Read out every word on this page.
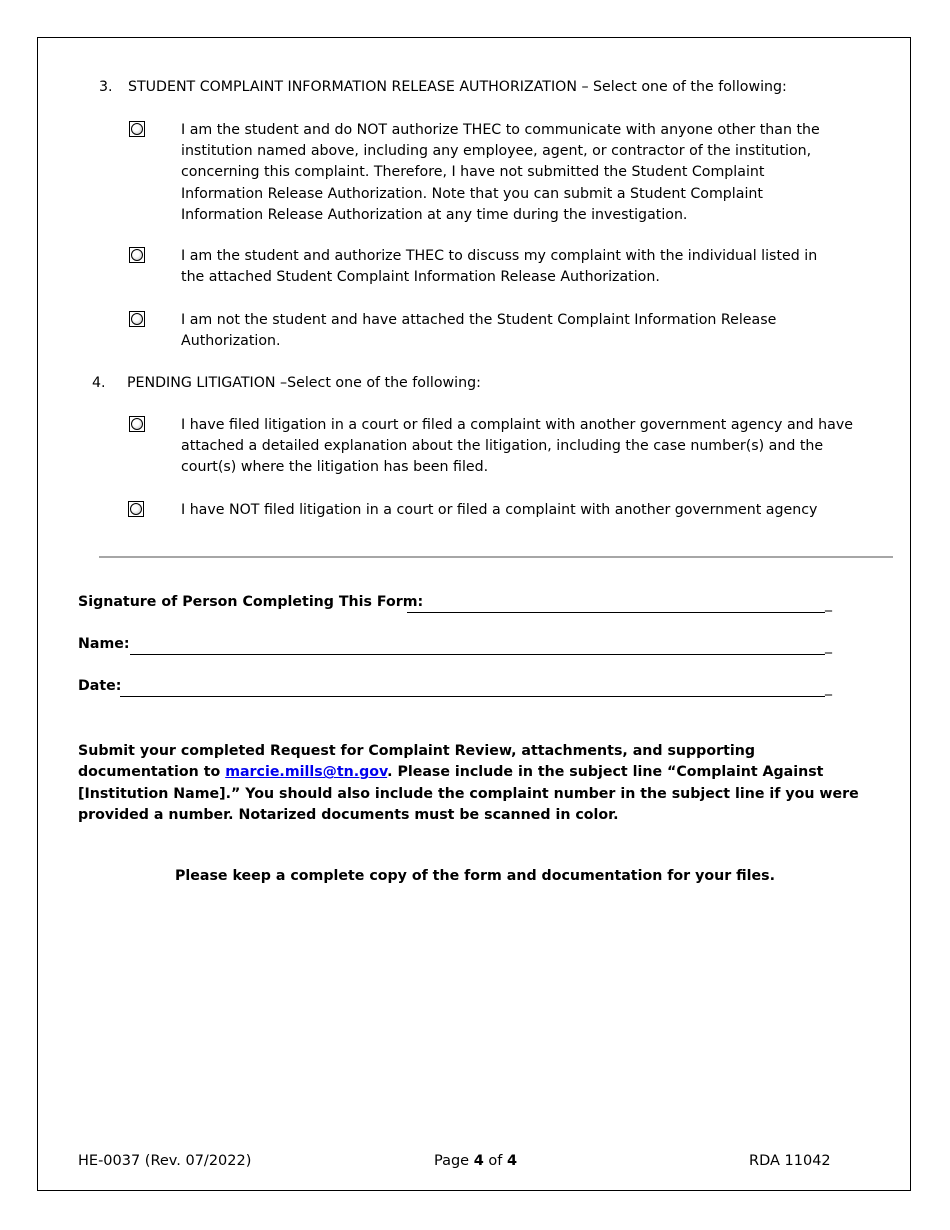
3. STUDENT COMPLAINT INFORMATION RELEASE AUTHORIZATION – Select one of the following:
I am the student and do NOT authorize THEC to communicate with anyone other than the institution named above, including any employee, agent, or contractor of the institution, concerning this complaint. Therefore, I have not submitted the Student Complaint Information Release Authorization. Note that you can submit a Student Complaint Information Release Authorization at any time during the investigation.
I am the student and authorize THEC to discuss my complaint with the individual listed in the attached Student Complaint Information Release Authorization.
I am not the student and have attached the Student Complaint Information Release Authorization.
4. PENDING LITIGATION –Select one of the following:
I have filed litigation in a court or filed a complaint with another government agency and have attached a detailed explanation about the litigation, including the case number(s) and the court(s) where the litigation has been filed.
I have NOT filed litigation in a court or filed a complaint with another government agency
Signature of Person Completing This Form:	_
Name:	_
Date:	_
Submit your completed Request for Complaint Review, attachments, and supporting documentation to marcie.mills@tn.gov. Please include in the subject line “Complaint Against [Institution Name].” You should also include the complaint number in the subject line if you were provided a number. Notarized documents must be scanned in color.
Please keep a complete copy of the form and documentation for your files.
HE-0037 (Rev. 07/2022)	Page 4 of 4	RDA 11042
